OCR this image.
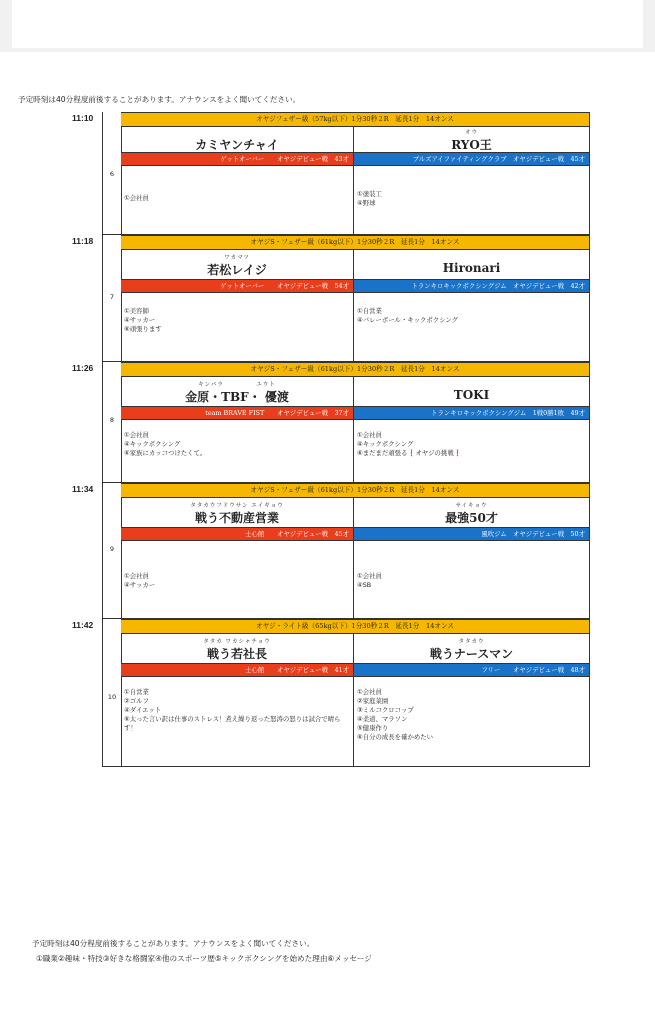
予定時刻は40分程度前後することがあります。アナウンスをよく聞いてください。
11:10
6
オヤジフェザー級（57kg以下）1分30秒２R　延長1分　14オンス
カミヤンチャイ
ゲットオーバー　　オヤジデビュー戦　43才
①会社員
オウ
RYO王
ブルズアイファイティングクラブ　オヤジデビュー戦　45才
①塗装工
④野球
11:18
7
オヤジS・フェザー級（61kg以下）1分30秒２R　延長1分　14オンス
ワカマツ
若松レイジ
ゲットオーバー　　オヤジデビュー戦　54才
①美容師
④サッカー
⑥頑張ります
Hironari
トランキロキックボクシングジム　オヤジデビュー戦　42才
①自営業
④バレーボール・キックボクシング
11:26
8
オヤジS・フェザー級（61kg以下）1分30秒２R　延長1分　14オンス
キンバラ　　　　　ユウト
金原・TBF・ 優渡
team BRAVE FIST　　オヤジデビュー戦　37才
①会社員
④キックボクシング
⑥家族にカッコつけたくて。
TOKI
トランキロキックボクシングジム　1戦0勝1敗　49才
①会社員
④キックボクシング
⑥まだまだ頑張る❗オヤジの挑戦❗
11:34
9
オヤジS・フェザー級（61kg以下）1分30秒２R　延長1分　14オンス
タタカウフドウサン エイギョウ
戦う不動産営業
士心館　　オヤジデビュー戦　45才
①会社員
④サッカー
サイキョウ
最強50才
風吹ジム　オヤジデビュー戦　50才
①会社員
④SB
11:42
10
オヤジ・ライト級（65kg以下）1分30秒２R　延長1分　14オンス
タタカ ワカシャチョウ
戦う若社長
士心館　　オヤジデビュー戦　41才
①自営業
②ゴルフ
④ダイエット
⑥太った言い訳は仕事のストレス！煮え繰り返った怒涛の怒りは試合で晴らす！
タタカウ
戦うナースマン
フリー　　オヤジデビュー戦　48才
①会社員
②家庭菜園
③ミルコクロコップ
④柔道、マラソン
⑤健康作り
⑥自分の成長を確かめたい
予定時刻は40分程度前後することがあります。アナウンスをよく聞いてください。
①職業②趣味・特技③好きな格闘家④他のスポーツ歴⑤キックボクシングを始めた理由⑥メッセージ
